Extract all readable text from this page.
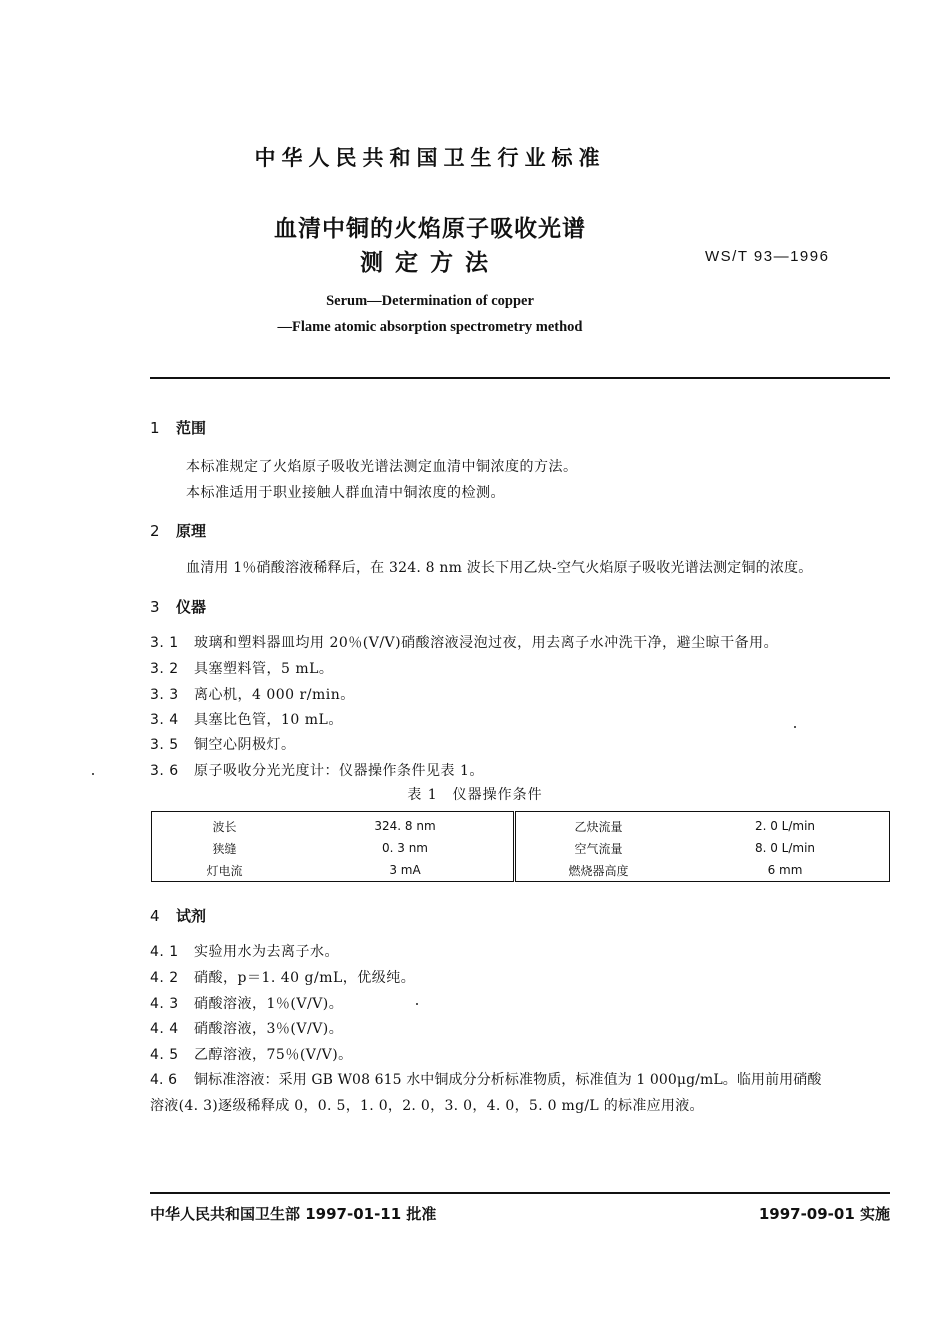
中华人民共和国卫生行业标准
血清中铜的火焰原子吸收光谱
测定方法	WS/T 93—1996
Serum—Determination of copper
—Flame atomic absorption spectrometry method
1 范围
本标准规定了火焰原子吸收光谱法测定血清中铜浓度的方法。
本标准适用于职业接触人群血清中铜浓度的检测。
2 原理
血清用 1％硝酸溶液稀释后，在 324. 8 nm 波长下用乙炔-空气火焰原子吸收光谱法测定铜的浓度。
3 仪器
3. 1 玻璃和塑料器皿均用 20％(V/V)硝酸溶液浸泡过夜，用去离子水冲洗干净，避尘晾干备用。
3. 2 具塞塑料管，5 mL。
3. 3 离心机，4 000 r/min。
3. 4 具塞比色管，10 mL。
3. 5 铜空心阴极灯。
3. 6 原子吸收分光光度计：仪器操作条件见表 1。
表 1　仪器操作条件
波长	324. 8 nm	乙炔流量	2. 0 L/min
狭缝	0. 3 nm	空气流量	8. 0 L/min
灯电流	3 mA	燃烧器高度	6 mm
4 试剂
4. 1 实验用水为去离子水。
4. 2 硝酸，p＝1. 40 g/mL，优级纯。
4. 3 硝酸溶液，1％(V/V)。
4. 4 硝酸溶液，3％(V/V)。
4. 5 乙醇溶液，75％(V/V)。
4. 6 铜标准溶液：采用 GB W08 615 水中铜成分分析标准物质，标准值为 1 000μg/mL。临用前用硝酸
溶液(4. 3)逐级稀释成 0，0. 5，1. 0，2. 0，3. 0，4. 0，5. 0 mg/L 的标准应用液。
中华人民共和国卫生部 1997-01-11 批准	1997-09-01 实施
